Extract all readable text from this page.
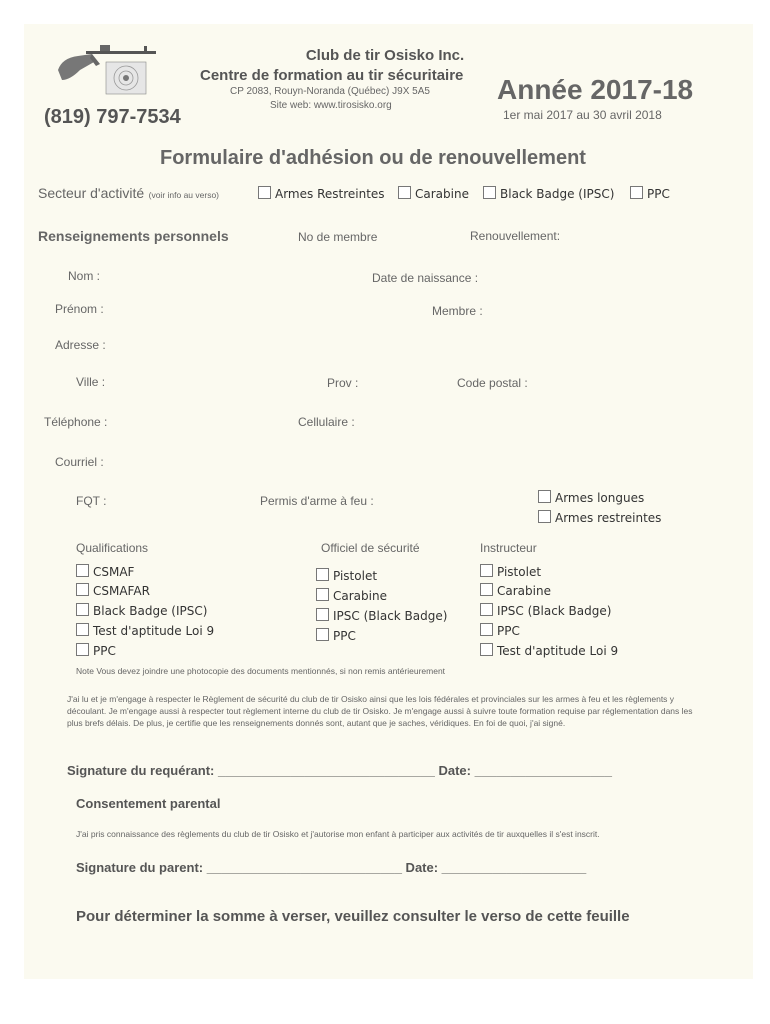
Club de tir Osisko Inc.
Centre de formation au tir sécuritaire
CP 2083, Rouyn-Noranda (Québec) J9X 5A5
Site web: www.tirosisko.org
(819) 797-7534
Année 2017-18
1er mai 2017 au 30 avril 2018
Formulaire d'adhésion ou de renouvellement
Secteur d'activité (voir info au verso)	Armes Restreintes	Carabine	Black Badge (IPSC)	PPC
Renseignements personnels	No de membre	Renouvellement:
Nom :	Date de naissance :
Prénom :	Membre :
Adresse :
Ville :	Prov :	Code postal :
Téléphone :	Cellulaire :
Courriel :
FQT :	Permis d'arme à feu :	Armes longues
Armes restreintes
Qualifications
CSMAF
CSMAFAR
Black Badge (IPSC)
Test d'aptitude Loi 9
PPC
Officiel de sécurité
Pistolet
Carabine
IPSC (Black Badge)
PPC
Instructeur
Pistolet
Carabine
IPSC (Black Badge)
PPC
Test d'aptitude Loi 9
Note Vous devez joindre une photocopie des documents mentionnés, si non remis antérieurement
J'ai lu et je m'engage à respecter le Règlement de sécurité du club de tir Osisko ainsi que les lois fédérales et provinciales sur les armes à feu et les règlements y découlant. Je m'engage aussi à respecter tout règlement interne du club de tir Osisko. Je m'engage aussi à suivre toute formation requise par réglementation dans les plus brefs délais. De plus, je certifie que les renseignements donnés sont, autant que je saches, véridiques. En foi de quoi, j'ai signé.
Signature du requérant: ______________________________ Date: ___________________
Consentement parental
J'ai pris connaissance des règlements du club de tir Osisko et j'autorise mon enfant à participer aux activités de tir auxquelles il s'est inscrit.
Signature du parent: ___________________________ Date: ____________________
Pour déterminer la somme à verser, veuillez consulter le verso de cette feuille
